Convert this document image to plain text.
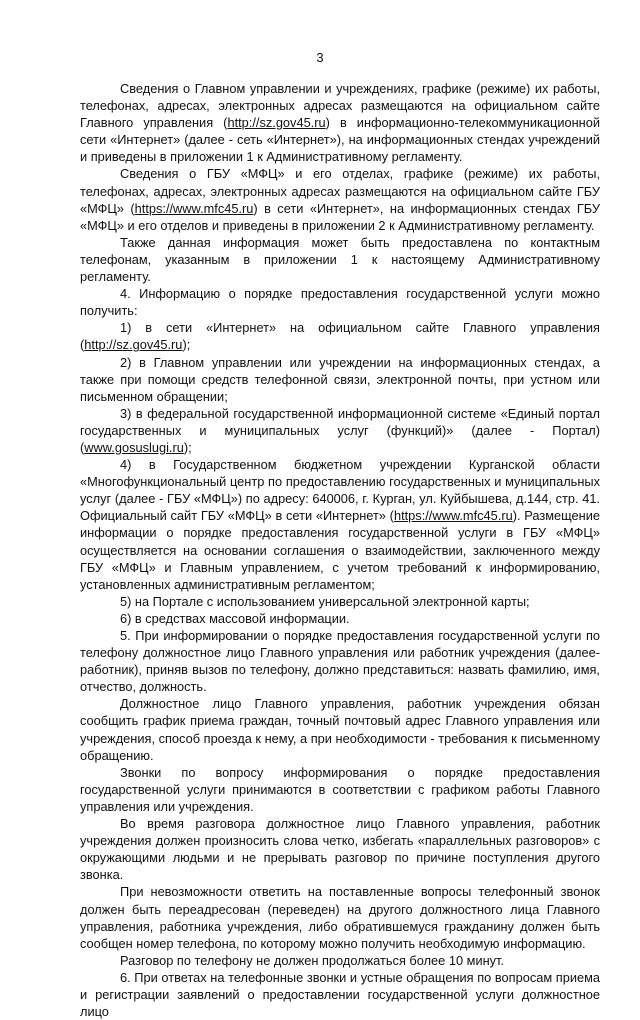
3

Сведения о Главном управлении и учреждениях, графике (режиме) их работы, телефонах, адресах, электронных адресах размещаются на официальном сайте Главного управления (http://sz.gov45.ru) в информационно-телекоммуникационной сети «Интернет» (далее - сеть «Интернет»), на информационных стендах учреждений и приведены в приложении 1 к Административному регламенту.

Сведения о ГБУ «МФЦ» и его отделах, графике (режиме) их работы, телефонах, адресах, электронных адресах размещаются на официальном сайте ГБУ «МФЦ» (https://www.mfc45.ru) в сети «Интернет», на информационных стендах ГБУ «МФЦ» и его отделов и приведены в приложении 2 к Административному регламенту.

Также данная информация может быть предоставлена по контактным телефонам, указанным в приложении 1 к настоящему Административному регламенту.

4. Информацию о порядке предоставления государственной услуги можно получить:

1) в сети «Интернет» на официальном сайте Главного управления (http://sz.gov45.ru);

2) в Главном управлении или учреждении на информационных стендах, а также при помощи средств телефонной связи, электронной почты, при устном или письменном обращении;

3) в федеральной государственной информационной системе «Единый портал государственных и муниципальных услуг (функций)» (далее - Портал) (www.gosuslugi.ru);

4) в Государственном бюджетном учреждении Курганской области «Многофункциональный центр по предоставлению государственных и муниципальных услуг (далее - ГБУ «МФЦ») по адресу: 640006, г. Курган, ул. Куйбышева, д.144, стр. 41. Официальный сайт ГБУ «МФЦ» в сети «Интернет» (https://www.mfc45.ru). Размещение информации о порядке предоставления государственной услуги в ГБУ «МФЦ» осуществляется на основании соглашения о взаимодействии, заключенного между ГБУ «МФЦ» и Главным управлением, с учетом требований к информированию, установленных административным регламентом;

5) на Портале с использованием универсальной электронной карты;

6) в средствах массовой информации.

5. При информировании о порядке предоставления государственной услуги по телефону должностное лицо Главного управления или работник учреждения (далее-работник), приняв вызов по телефону, должно представиться: назвать фамилию, имя, отчество, должность.

Должностное лицо Главного управления, работник учреждения обязан сообщить график приема граждан, точный почтовый адрес Главного управления или учреждения, способ проезда к нему, а при необходимости - требования к письменному обращению.

Звонки по вопросу информирования о порядке предоставления государственной услуги принимаются в соответствии с графиком работы Главного управления или учреждения.

Во время разговора должностное лицо Главного управления, работник учреждения должен произносить слова четко, избегать «параллельных разговоров» с окружающими людьми и не прерывать разговор по причине поступления другого звонка.

При невозможности ответить на поставленные вопросы телефонный звонок должен быть переадресован (переведен) на другого должностного лица Главного управления, работника учреждения, либо обратившемуся гражданину должен быть сообщен номер телефона, по которому можно получить необходимую информацию.

Разговор по телефону не должен продолжаться более 10 минут.

6. При ответах на телефонные звонки и устные обращения по вопросам приема и регистрации заявлений о предоставлении государственной услуги должностное лицо
